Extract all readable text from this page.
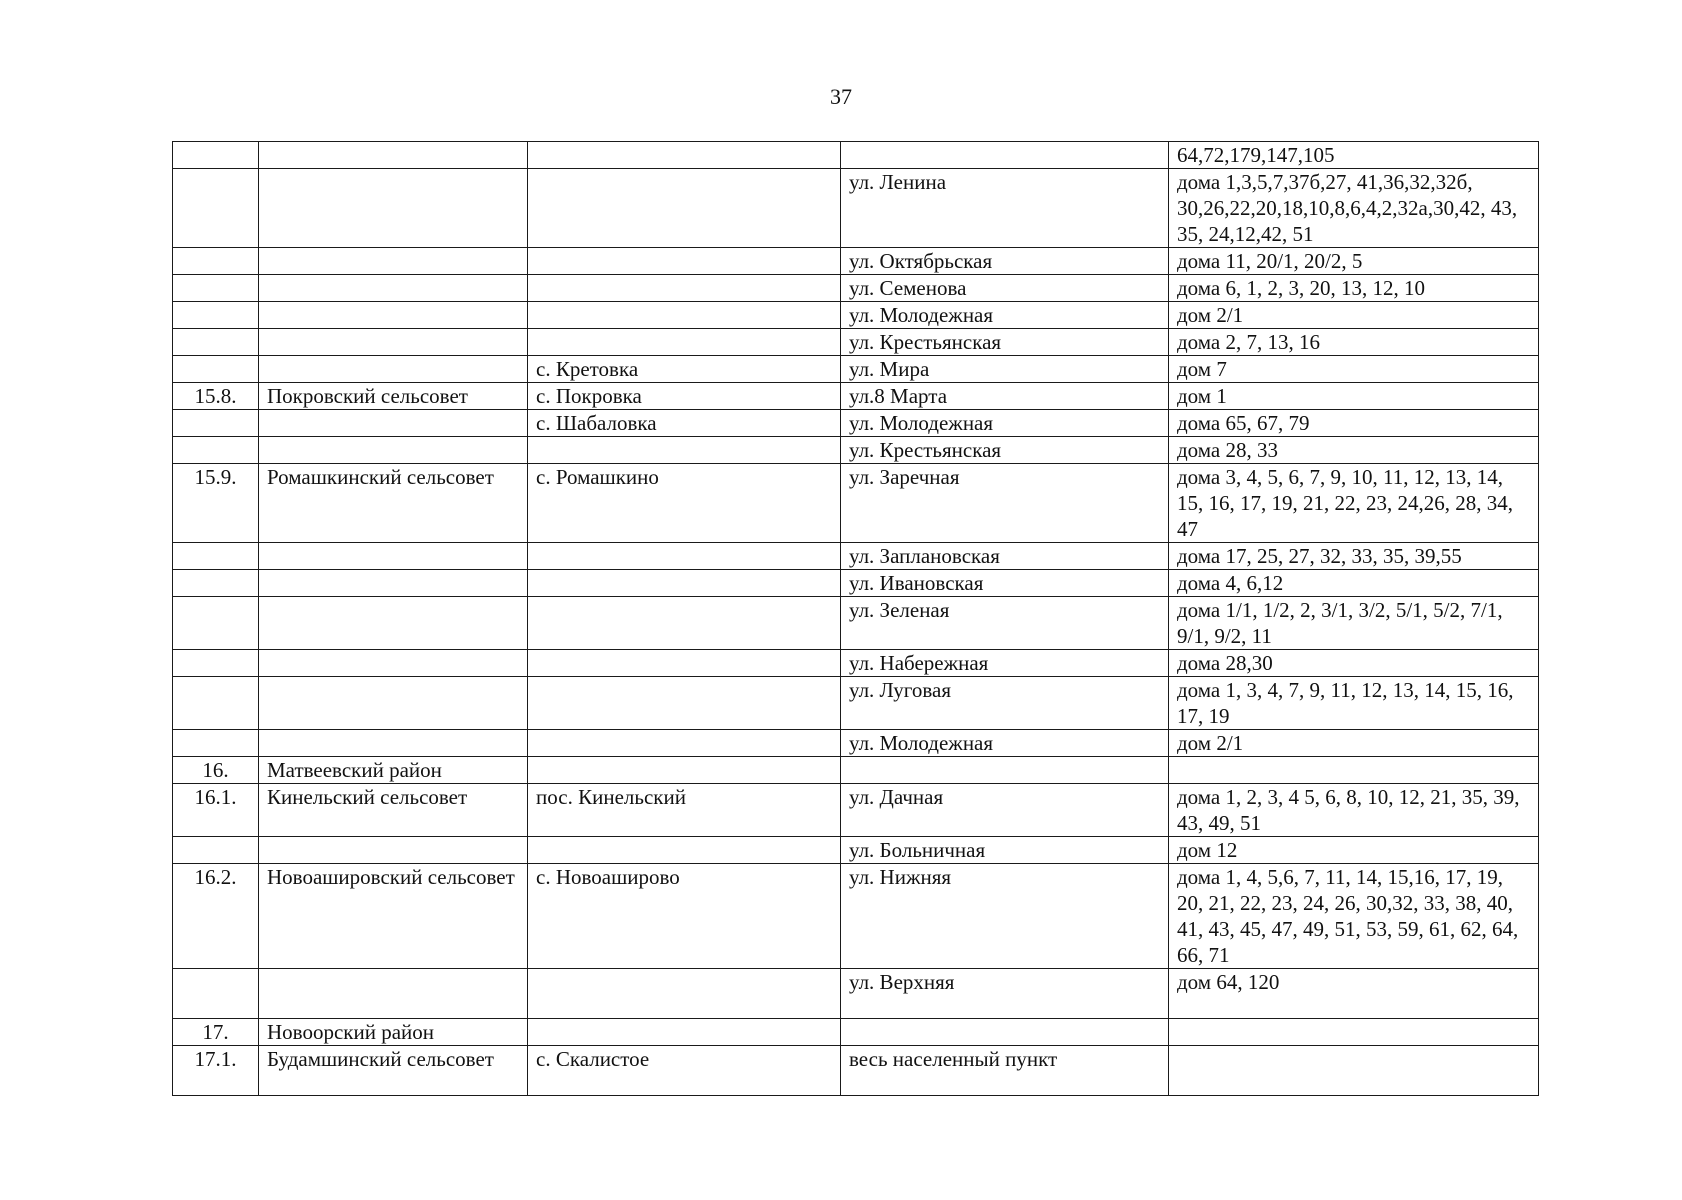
37
				64,72,179,147,105
			ул. Ленина	дома 1,3,5,7,37б,27, 41,36,32,32б, 30,26,22,20,18,10,8,6,4,2,32а,30,42, 43, 35, 24,12,42, 51
			ул. Октябрьская	дома 11, 20/1, 20/2, 5
			ул. Семенова	дома 6, 1, 2, 3, 20, 13, 12, 10
			ул. Молодежная	дом 2/1
			ул. Крестьянская	дома 2, 7, 13, 16
		с. Кретовка	ул. Мира	дом 7
15.8.	Покровский сельсовет	с. Покровка	ул.8 Марта	дом 1
		с. Шабаловка	ул. Молодежная	дома 65, 67, 79
			ул. Крестьянская	дома 28, 33
15.9.	Ромашкинский сельсовет	с. Ромашкино	ул. Заречная	дома 3, 4, 5, 6, 7, 9, 10, 11, 12, 13, 14, 15, 16, 17, 19, 21, 22, 23, 24,26, 28, 34, 47
			ул. Заплановская	дома 17, 25, 27, 32, 33, 35, 39,55
			ул. Ивановская	дома 4, 6,12
			ул. Зеленая	дома 1/1, 1/2, 2, 3/1, 3/2, 5/1, 5/2, 7/1, 9/1, 9/2, 11
			ул. Набережная	дома 28,30
			ул. Луговая	дома 1, 3, 4, 7, 9, 11, 12, 13, 14, 15, 16, 17, 19
			ул. Молодежная	дом 2/1
16.	Матвеевский район			
16.1.	Кинельский сельсовет	пос. Кинельский	ул. Дачная	дома 1, 2, 3, 4 5, 6, 8, 10, 12, 21, 35, 39, 43, 49, 51
			ул. Больничная	дом 12
16.2.	Новоашировский сельсовет	с. Новоаширово	ул. Нижняя	дома 1, 4, 5,6, 7, 11, 14, 15,16, 17, 19, 20, 21, 22, 23, 24, 26, 30,32, 33, 38, 40, 41, 43, 45, 47, 49, 51, 53, 59, 61, 62, 64, 66, 71
			ул. Верхняя	дом 64, 120
17.	Новоорский район			
17.1.	Будамшинский сельсовет	с. Скалистое	весь населенный пункт	
